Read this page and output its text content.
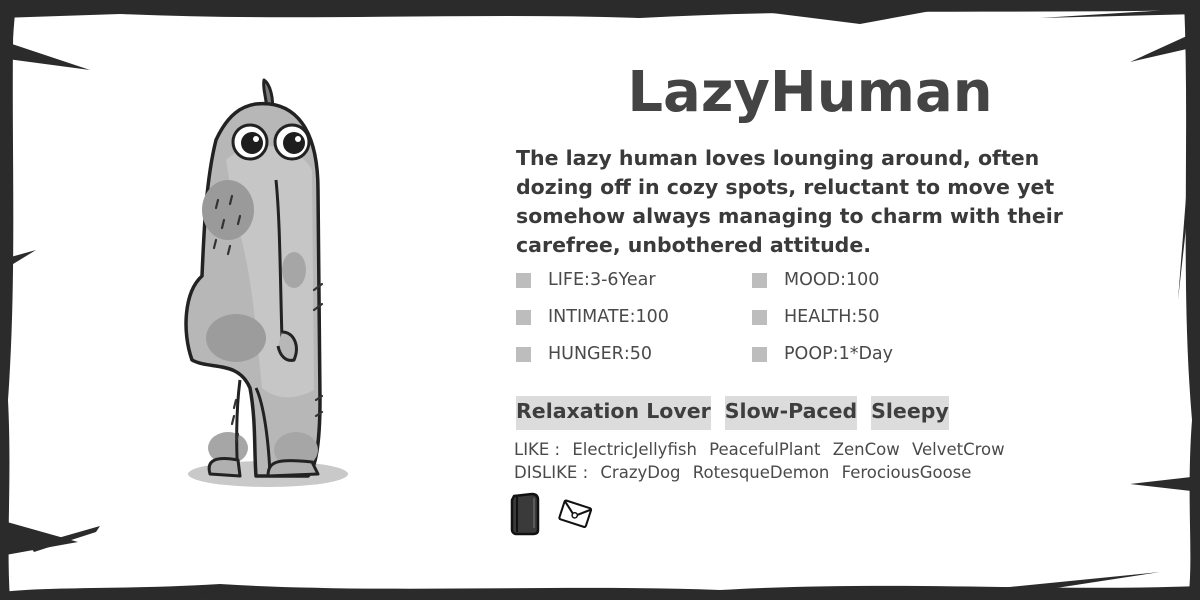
LazyHuman

The lazy human loves lounging around, often dozing off in cozy spots, reluctant to move yet somehow always managing to charm with their carefree, unbothered attitude.

LIFE : 3-6Year	MOOD : 100
INTIMATE : 100	HEALTH : 50
HUNGER : 50	POOP : 1*Day
Relaxation Lover Slow-Paced Sleepy
LIKE : ElectricJellyfish PeacefulPlant ZenCow VelvetCrow
DISLIKE : CrazyDog RotesqueDemon FerociousGoose
